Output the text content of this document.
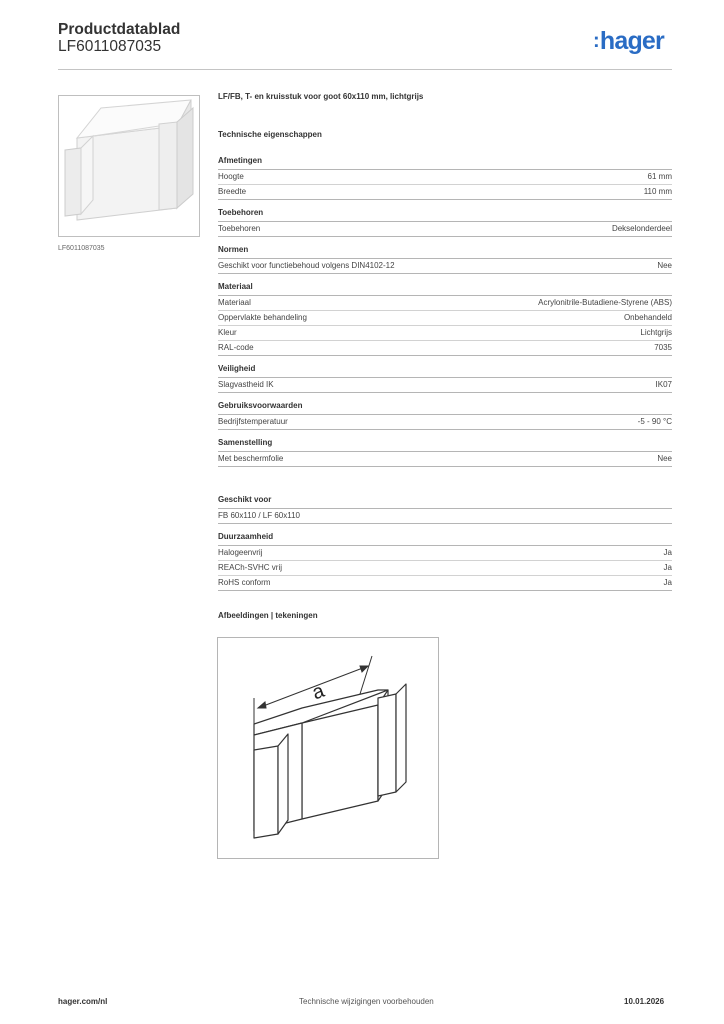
Productdatablad
LF6011087035	:hager
LF6011087035
LF/FB, T- en kruisstuk voor goot 60x110 mm, lichtgrijs
Technische eigenschappen
Afmetingen
Hoogte	61 mm
Breedte	110 mm
Toebehoren
Toebehoren	Dekselonderdeel
Normen
Geschikt voor functiebehoud volgens DIN4102-12	Nee
Materiaal
Materiaal	Acrylonitrile-Butadiene-Styrene (ABS)
Oppervlakte behandeling	Onbehandeld
Kleur	Lichtgrijs
RAL-code	7035
Veiligheid
Slagvastheid IK	IK07
Gebruiksvoorwaarden
Bedrijfstemperatuur	-5 - 90 °C
Samenstelling
Met beschermfolie	Nee
Geschikt voor
FB 60x110 / LF 60x110
Duurzaamheid
Halogeenvrij	Ja
REACh-SVHC vrij	Ja
RoHS conform	Ja
Afbeeldingen | tekeningen
a
hager.com/nl	Technische wijzigingen voorbehouden	10.01.2026
